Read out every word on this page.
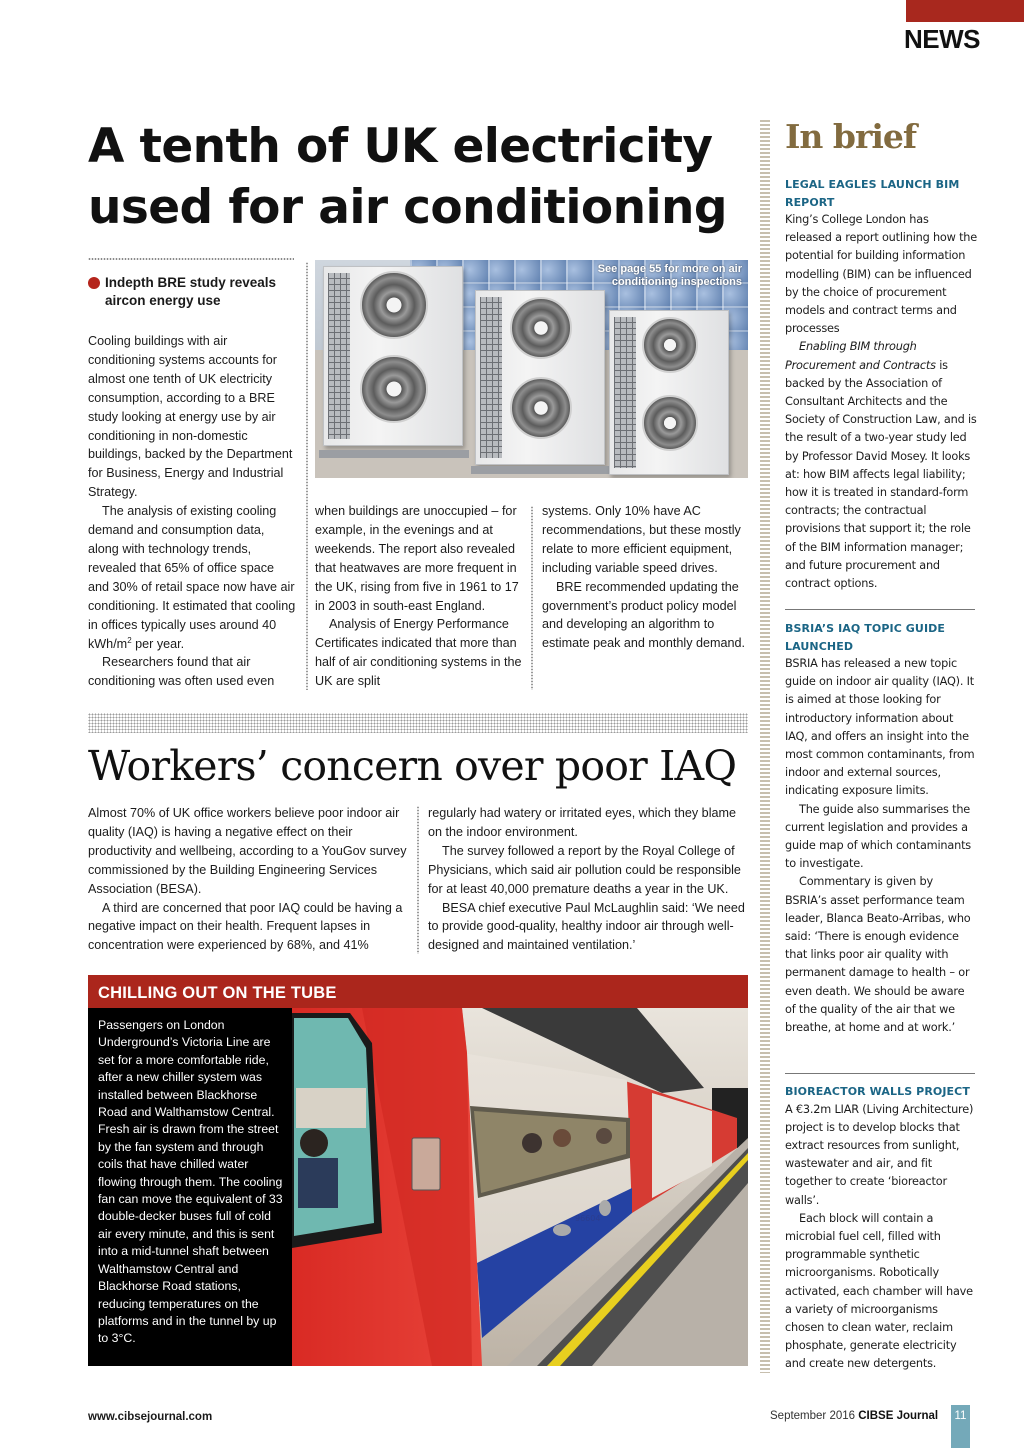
NEWS
A tenth of UK electricity used for air conditioning
Indepth BRE study reveals aircon energy use

Cooling buildings with air conditioning systems accounts for almost one tenth of UK electricity consumption, according to a BRE study looking at energy use by air conditioning in non-domestic buildings, backed by the Department for Business, Energy and Industrial Strategy.

The analysis of existing cooling demand and consumption data, along with technology trends, revealed that 65% of office space and 30% of retail space now have air conditioning. It estimated that cooling in offices typically uses around 40 kWh/$m^2$ per year.

Researchers found that air conditioning was often used even

See page 55 for more on air
conditioning inspections

when buildings are unoccupied – for example, in the evenings and at weekends. The report also revealed that heatwaves are more frequent in the UK, rising from five in 1961 to 17 in 2003 in south-east England.

Analysis of Energy Performance Certificates indicated that more than half of air conditioning systems in the UK are split

systems. Only 10% have AC recommendations, but these mostly relate to more efficient equipment, including variable speed drives.

BRE recommended updating the government’s product policy model and developing an algorithm to estimate peak and monthly demand.

Workers’ concern over poor IAQ

Almost 70% of UK office workers believe poor indoor air quality (IAQ) is having a negative effect on their productivity and wellbeing, according to a YouGov survey commissioned by the Building Engineering Services Association (BESA).

A third are concerned that poor IAQ could be having a negative impact on their health. Frequent lapses in concentration were experienced by 68%, and 41%

regularly had watery or irritated eyes, which they blame on the indoor environment.

The survey followed a report by the Royal College of Physicians, which said air pollution could be responsible for at least 40,000 premature deaths a year in the UK.

BESA chief executive Paul McLaughlin said: ‘We need to provide good-quality, healthy indoor air through well-designed and maintained ventilation.’

CHILLING OUT ON THE TUBE

Passengers on London Underground’s Victoria Line are set for a more comfortable ride, after a new chiller system was installed between Blackhorse Road and Walthamstow Central. Fresh air is drawn from the street by the fan system and through coils that have chilled water flowing through them. The cooling fan can move the equivalent of 33 double-decker buses full of cold air every minute, and this is sent into a mid-tunnel shaft between Walthamstow Central and Blackhorse Road stations, reducing temperatures on the platforms and in the tunnel by up to 3°C.

96604
In brief
LEGAL EAGLES LAUNCH BIM REPORT

King’s College London has released a report outlining how the potential for building information modelling (BIM) can be influenced by the choice of procurement models and contract terms and processes

Enabling BIM through Procurement and Contracts is backed by the Association of Consultant Architects and the Society of Construction Law, and is the result of a two-year study led by Professor David Mosey. It looks at: how BIM affects legal liability; how it is treated in standard-form contracts; the contractual provisions that support it; the role of the BIM information manager; and future procurement and contract options.

BSRIA’S IAQ TOPIC GUIDE LAUNCHED

BSRIA has released a new topic guide on indoor air quality (IAQ). It is aimed at those looking for introductory information about IAQ, and offers an insight into the most common contaminants, from indoor and external sources, indicating exposure limits.

The guide also summarises the current legislation and provides a guide map of which contaminants to investigate.

Commentary is given by BSRIA’s asset performance team leader, Blanca Beato-Arribas, who said: ‘There is enough evidence that links poor air quality with permanent damage to health – or even death. We should be aware of the quality of the air that we breathe, at home and at work.’

BIOREACTOR WALLS PROJECT

A €3.2m LIAR (Living Architecture) project is to develop blocks that extract resources from sunlight, wastewater and air, and fit together to create ‘bioreactor walls’.

Each block will contain a microbial fuel cell, filled with programmable synthetic microorganisms. Robotically activated, each chamber will have a variety of microorganisms chosen to clean water, reclaim phosphate, generate electricity and create new detergents.

www.cibsejournal.com	September 2016 CIBSE Journal	11
